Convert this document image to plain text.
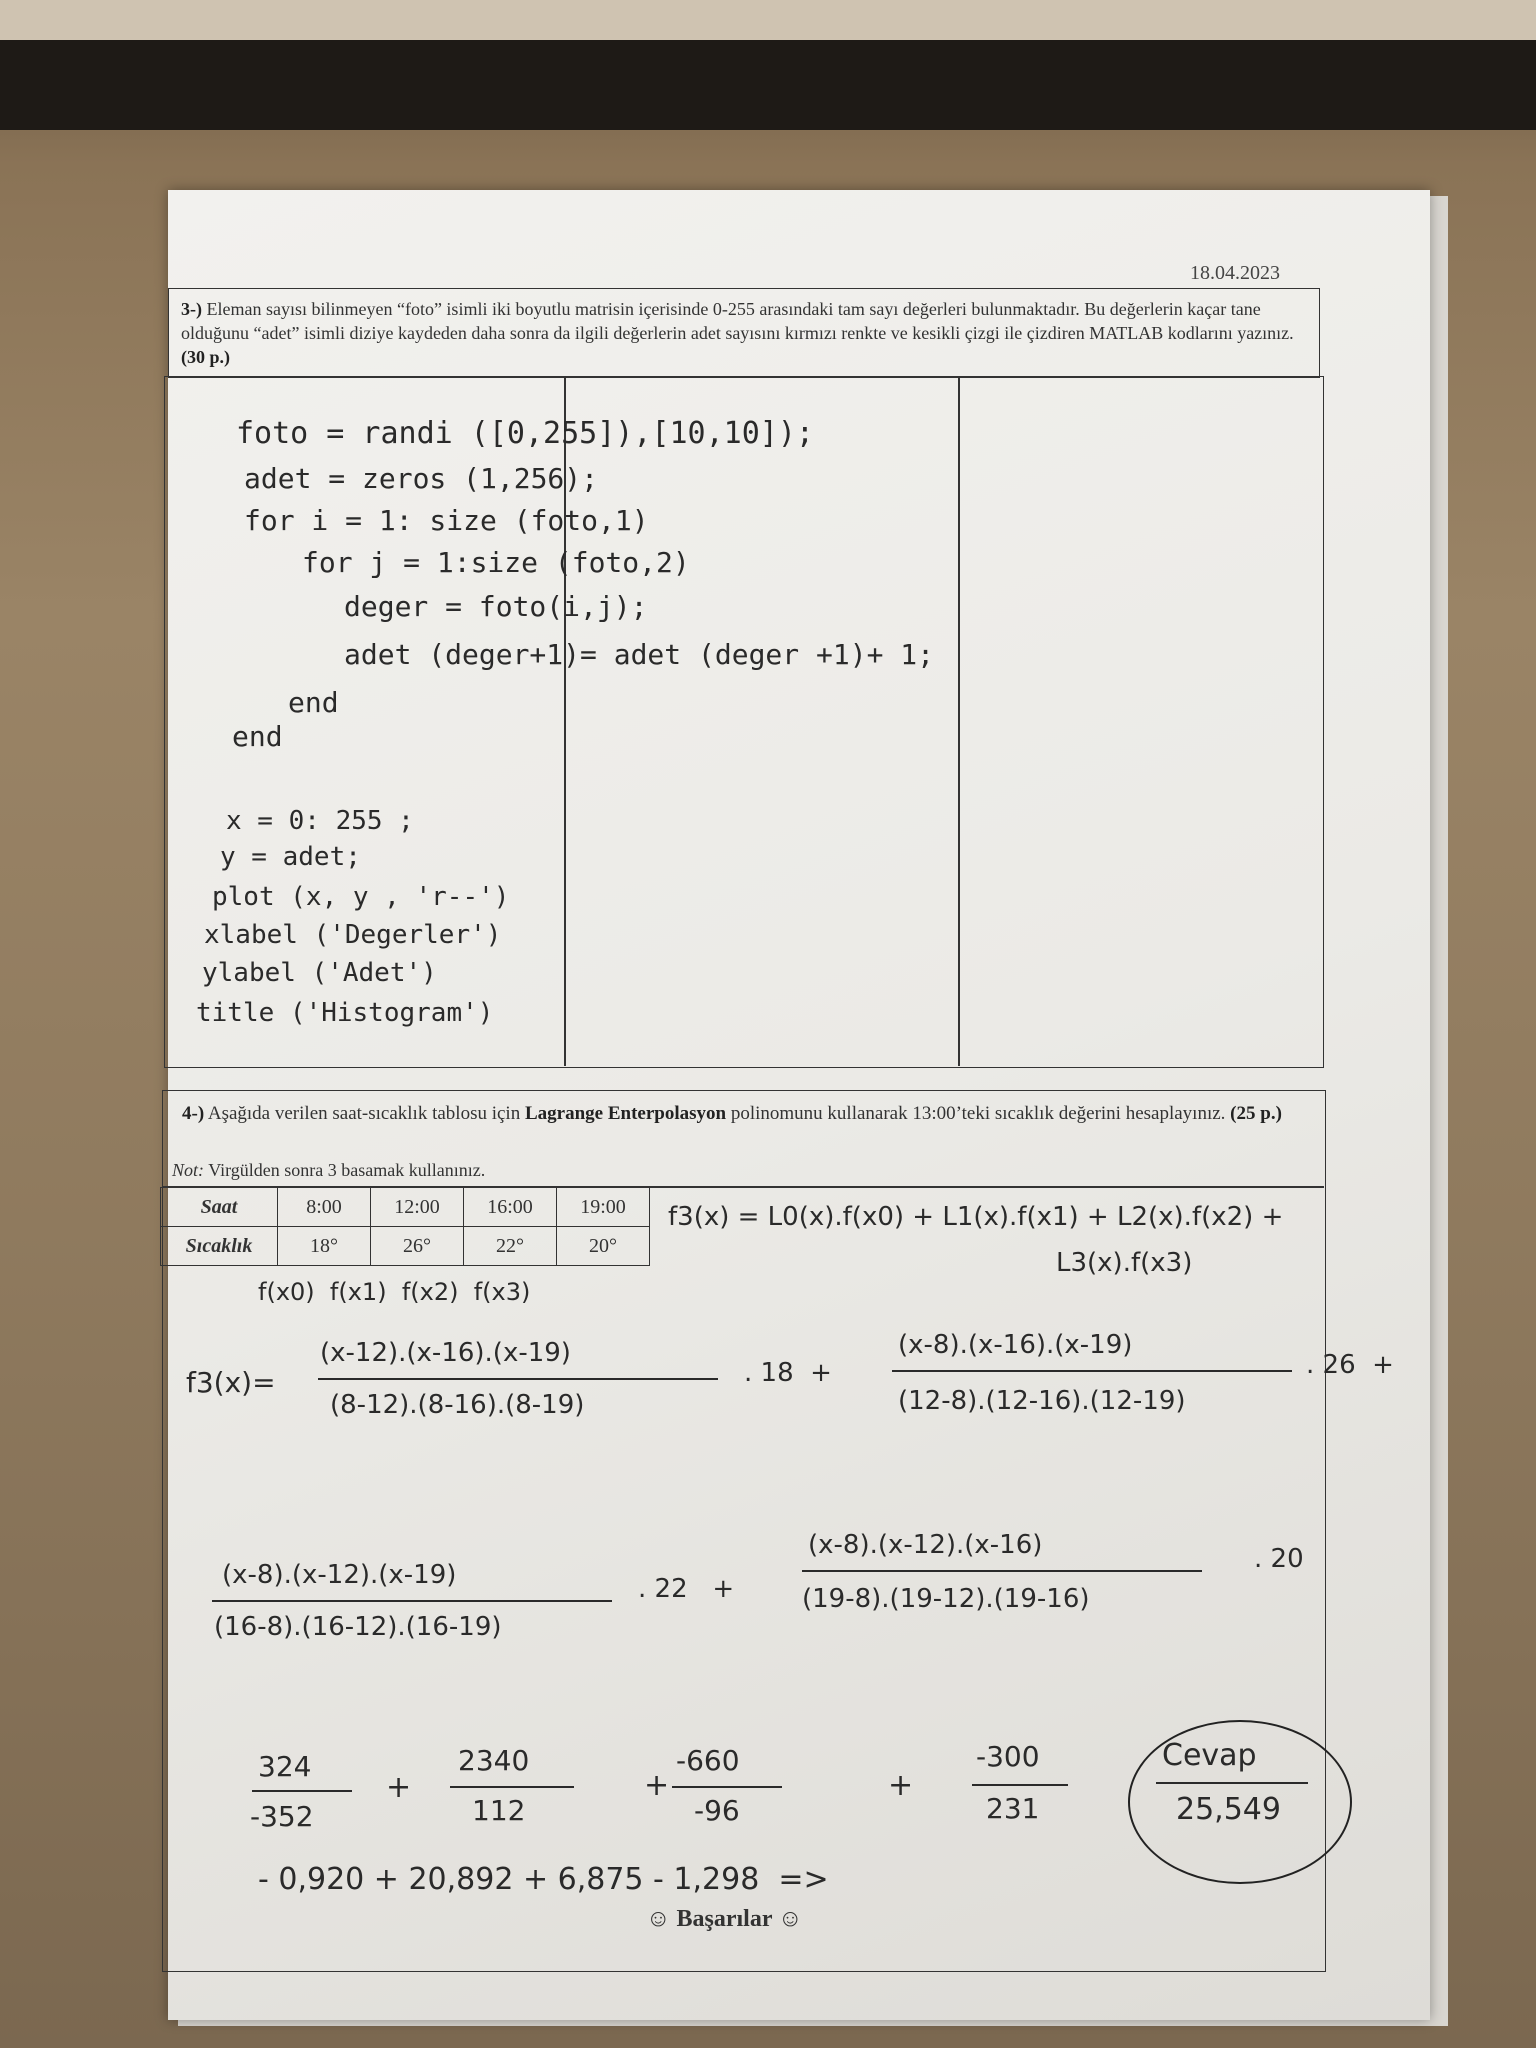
18.04.2023
3-) Eleman sayısı bilinmeyen “foto” isimli iki boyutlu matrisin içerisinde 0-255 arasındaki tam sayı değerleri bulunmaktadır. Bu değerlerin kaçar tane olduğunu “adet” isimli diziye kaydeden daha sonra da ilgili değerlerin adet sayısını kırmızı renkte ve kesikli çizgi ile çizdiren MATLAB kodlarını yazınız. (30 p.)
foto = randi ([0,255]),[10,10]);
adet = zeros (1,256);
for i = 1: size (foto,1)
for j = 1:size (foto,2)
deger = foto(i,j);
adet (deger+1)= adet (deger +1)+ 1;
end
end
x = 0: 255 ;
y = adet;
plot (x, y , 'r--')
xlabel ('Degerler')
ylabel ('Adet')
title ('Histogram')
4-) Aşağıda verilen saat-sıcaklık tablosu için Lagrange Enterpolasyon polinomunu kullanarak 13:00’teki sıcaklık değerini hesaplayınız. (25 p.)
Not: Virgülden sonra 3 basamak kullanınız.
Saat	8:00	12:00	16:00	19:00
Sıcaklık	18°	26°	22°	20°
f(x0)  f(x1)  f(x2)  f(x3)
f3(x) = L0(x).f(x0) + L1(x).f(x1) + L2(x).f(x2) +
L3(x).f(x3)
f3(x)=
(x-12).(x-16).(x-19)
(8-12).(8-16).(8-19)
. 18  +
(x-8).(x-16).(x-19)
(12-8).(12-16).(12-19)
. 26  +
(x-8).(x-12).(x-19)
(16-8).(16-12).(16-19)
. 22   +
(x-8).(x-12).(x-16)
(19-8).(19-12).(19-16)
. 20
324
-352
+
2340
112
+
-660
-96
+
-300
231
Cevap
25,549
- 0,920 + 20,892 + 6,875 - 1,298  =>
☺ Başarılar ☺
